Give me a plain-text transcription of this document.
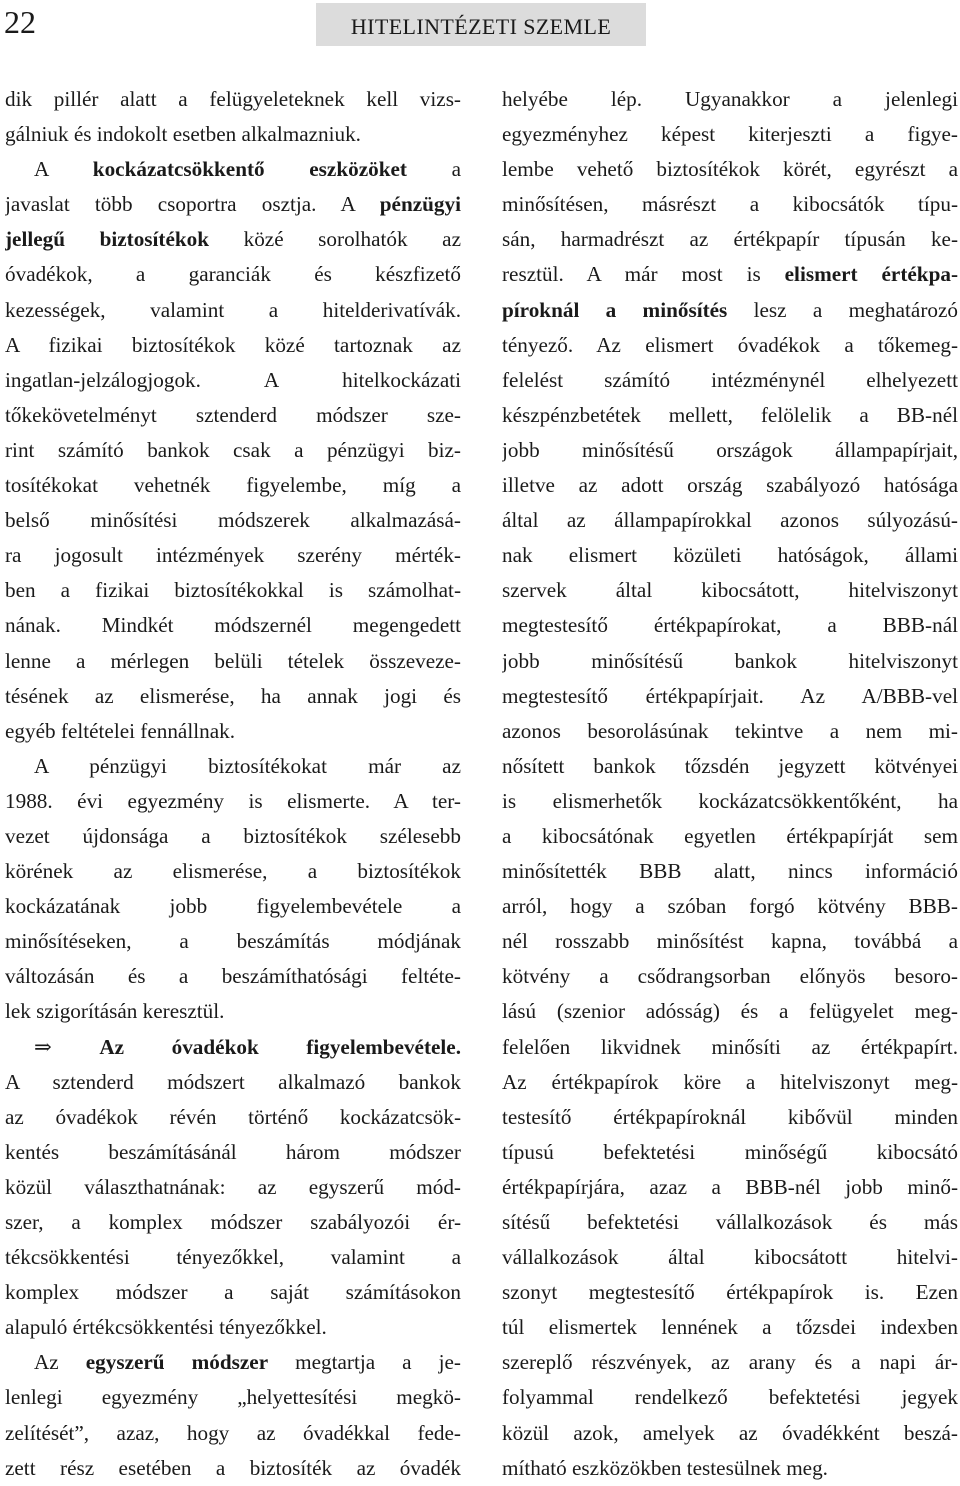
22	HITELINTÉZETI SZEMLE
dik pillér alatt a felügyeleteknek kell vizs-
gálniuk és indokolt esetben alkalmazniuk.
A kockázatcsökkentő eszközöket a
javaslat több csoportra osztja. A pénzügyi
jellegű biztosítékok közé sorolhatók az
óvadékok, a garanciák és készfizető
kezességek, valamint a hitelderivatívák.
A fizikai biztosítékok közé tartoznak az
ingatlan-jelzálogjogok. A hitelkockázati
tőkekövetelményt sztenderd módszer sze-
rint számító bankok csak a pénzügyi biz-
tosítékokat vehetnék figyelembe, míg a
belső minősítési módszerek alkalmazásá-
ra jogosult intézmények szerény mérték-
ben a fizikai biztosítékokkal is számolhat-
nának. Mindkét módszernél megengedett
lenne a mérlegen belüli tételek összeveze-
tésének az elismerése, ha annak jogi és
egyéb feltételei fennállnak.
A pénzügyi biztosítékokat már az
1988. évi egyezmény is elismerte. A ter-
vezet újdonsága a biztosítékok szélesebb
körének az elismerése, a biztosítékok
kockázatának jobb figyelembevétele a
minősítéseken, a beszámítás módjának
változásán és a beszámíthatósági feltéte-
lek szigorításán keresztül.
⇒ Az óvadékok figyelembevétele.
A sztenderd módszert alkalmazó bankok
az óvadékok révén történő kockázatcsök-
kentés beszámításánál három módszer
közül választhatnának: az egyszerű mód-
szer, a komplex módszer szabályozói ér-
tékcsökkentési tényezőkkel, valamint a
komplex módszer a saját számításokon
alapuló értékcsökkentési tényezőkkel.
Az egyszerű módszer megtartja a je-
lenlegi egyezmény „helyettesítési megkö-
zelítését”, azaz, hogy az óvadékkal fede-
zett rész esetében a biztosíték az óvadék
helyébe lép. Ugyanakkor a jelenlegi
egyezményhez képest kiterjeszti a figye-
lembe vehető biztosítékok körét, egyrészt a
minősítésen, másrészt a kibocsátók típu-
sán, harmadrészt az értékpapír típusán ke-
resztül. A már most is elismert értékpa-
píroknál a minősítés lesz a meghatározó
tényező. Az elismert óvadékok a tőkemeg-
felelést számító intézménynél elhelyezett
készpénzbetétek mellett, felölelik a BB-nél
jobb minősítésű országok állampapírjait,
illetve az adott ország szabályozó hatósága
által az állampapírokkal azonos súlyozású-
nak elismert közületi hatóságok, állami
szervek által kibocsátott, hitelviszonyt
megtestesítő értékpapírokat, a BBB-nál
jobb minősítésű bankok hitelviszonyt
megtestesítő értékpapírjait. Az A/BBB-vel
azonos besorolásúnak tekintve a nem mi-
nősített bankok tőzsdén jegyzett kötvényei
is elismerhetők kockázatcsökkentőként, ha
a kibocsátónak egyetlen értékpapírját sem
minősítették BBB alatt, nincs információ
arról, hogy a szóban forgó kötvény BBB-
nél rosszabb minősítést kapna, továbbá a
kötvény a csődrangsorban előnyös besoro-
lású (szenior adósság) és a felügyelet meg-
felelően likvidnek minősíti az értékpapírt.
Az értékpapírok köre a hitelviszonyt meg-
testesítő értékpapíroknál kibővül minden
típusú befektetési minőségű kibocsátó
értékpapírjára, azaz a BBB-nél jobb minő-
sítésű befektetési vállalkozások és más
vállalkozások által kibocsátott hitelvi-
szonyt megtestesítő értékpapírok is. Ezen
túl elismertek lennének a tőzsdei indexben
szereplő részvények, az arany és a napi ár-
folyammal rendelkező befektetési jegyek
közül azok, amelyek az óvadékként beszá-
mítható eszközökben testesülnek meg.
